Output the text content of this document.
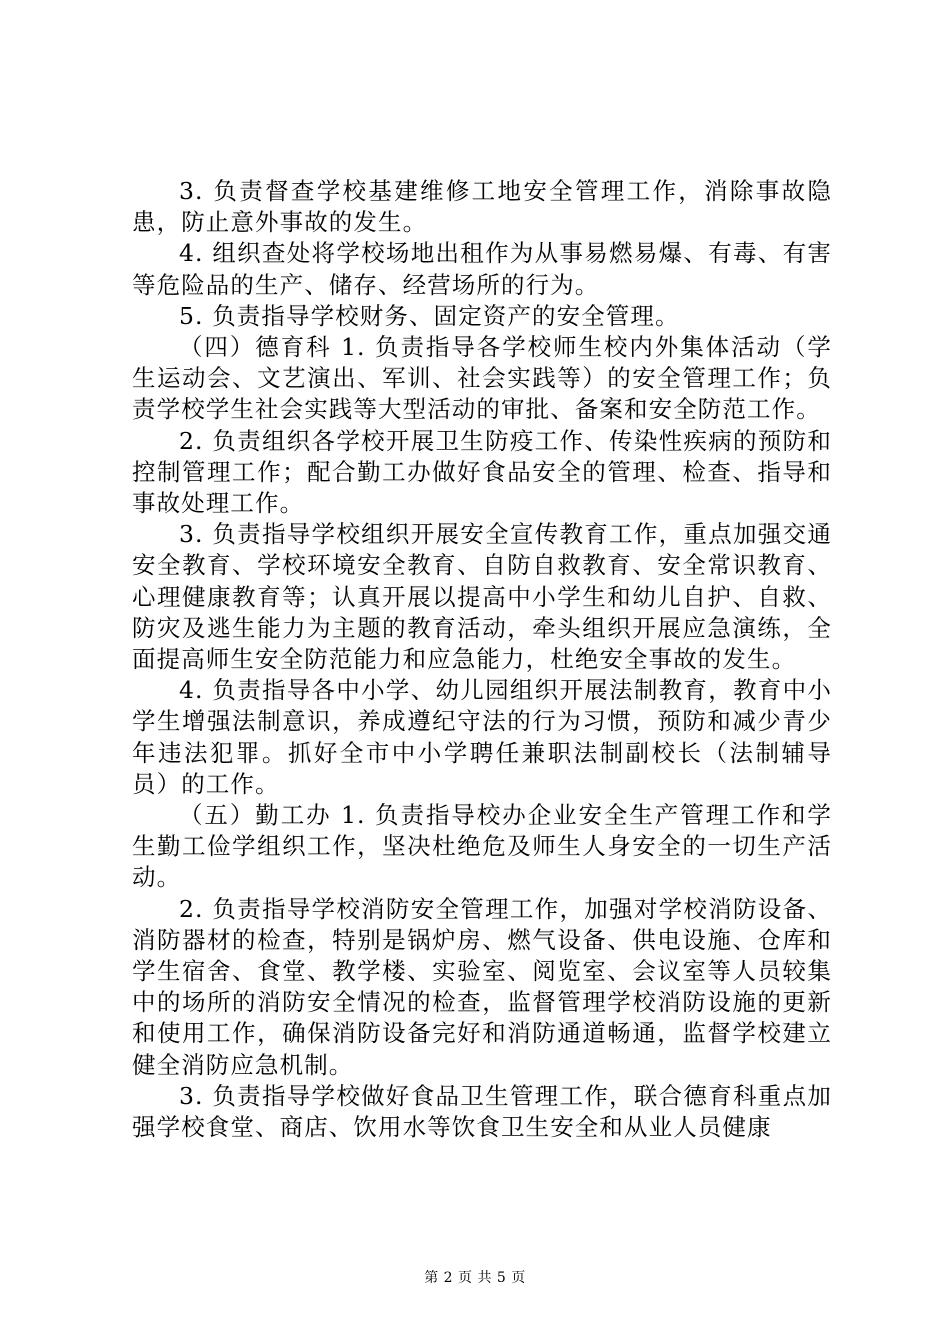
3. 负责督查学校基建维修工地安全管理工作，消除事故隐患，防止意外事故的发生。

4. 组织查处将学校场地出租作为从事易燃易爆、有毒、有害等危险品的生产、储存、经营场所的行为。

5. 负责指导学校财务、固定资产的安全管理。

（四）德育科 1. 负责指导各学校师生校内外集体活动（学生运动会、文艺演出、军训、社会实践等）的安全管理工作；负责学校学生社会实践等大型活动的审批、备案和安全防范工作。

2. 负责组织各学校开展卫生防疫工作、传染性疾病的预防和控制管理工作；配合勤工办做好食品安全的管理、检查、指导和事故处理工作。

3. 负责指导学校组织开展安全宣传教育工作，重点加强交通安全教育、学校环境安全教育、自防自救教育、安全常识教育、心理健康教育等；认真开展以提高中小学生和幼儿自护、自救、防灾及逃生能力为主题的教育活动，牵头组织开展应急演练，全面提高师生安全防范能力和应急能力，杜绝安全事故的发生。

4. 负责指导各中小学、幼儿园组织开展法制教育，教育中小学生增强法制意识，养成遵纪守法的行为习惯，预防和减少青少年违法犯罪。抓好全市中小学聘任兼职法制副校长（法制辅导员）的工作。

（五）勤工办 1. 负责指导校办企业安全生产管理工作和学生勤工俭学组织工作，坚决杜绝危及师生人身安全的一切生产活动。

2. 负责指导学校消防安全管理工作，加强对学校消防设备、消防器材的检查，特别是锅炉房、燃气设备、供电设施、仓库和学生宿舍、食堂、教学楼、实验室、阅览室、会议室等人员较集中的场所的消防安全情况的检查，监督管理学校消防设施的更新和使用工作，确保消防设备完好和消防通道畅通，监督学校建立健全消防应急机制。

3. 负责指导学校做好食品卫生管理工作，联合德育科重点加强学校食堂、商店、饮用水等饮食卫生安全和从业人员健康

第 2 页 共 5 页
